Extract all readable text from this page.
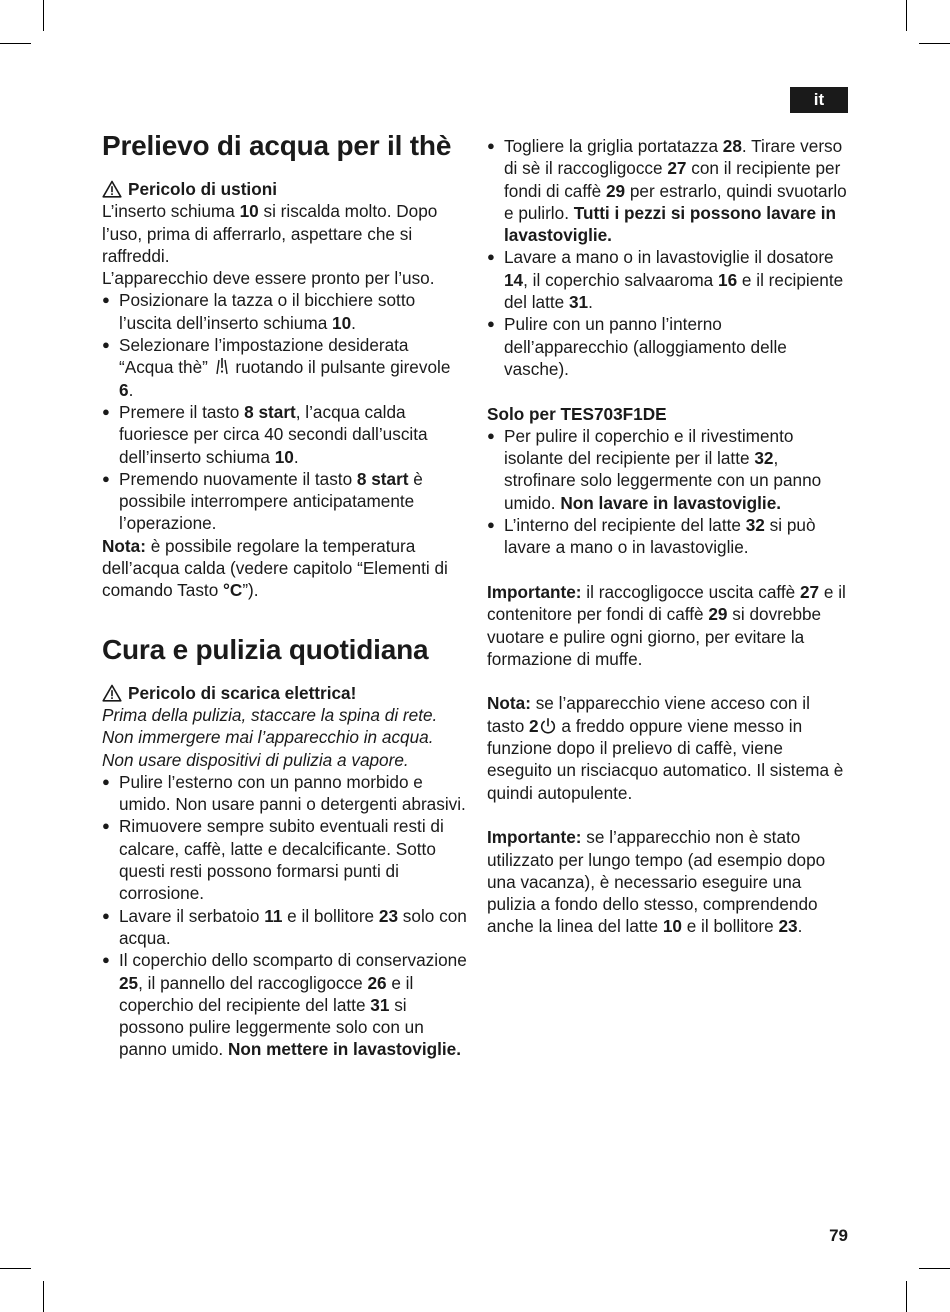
it
Prelievo di acqua per il thè

Pericolo di ustioni

L’inserto schiuma 10 si riscalda molto. Dopo l’uso, prima di afferrarlo, aspettare che si raffreddi.

L’apparecchio deve essere pronto per l’uso.

● Posizionare la tazza o il bicchiere sotto l’uscita dell’inserto schiuma 10.
● Selezionare l’impostazione desiderata “Acqua thè”  ruotando il pulsante girevole 6.
● Premere il tasto 8 start, l’acqua calda fuoriesce per circa 40 secondi dall’uscita dell’inserto schiuma 10.
● Premendo nuovamente il tasto 8 start è possibile interrompere anticipatamente l’operazione.

Nota: è possibile regolare la temperatura dell’acqua calda (vedere capitolo “Elementi di comando Tasto °C”).

Cura e pulizia quotidiana

Pericolo di scarica elettrica!

Prima della pulizia, staccare la spina di rete.

Non immergere mai l’apparecchio in acqua.

Non usare dispositivi di pulizia a vapore.

● Pulire l’esterno con un panno morbido e umido. Non usare panni o detergenti abrasivi.
● Rimuovere sempre subito eventuali resti di calcare, caffè, latte e decalcificante. Sotto questi resti possono formarsi punti di corrosione.
● Lavare il serbatoio 11 e il bollitore 23 solo con acqua.
● Il coperchio dello scomparto di conservazione 25, il pannello del raccogligocce 26 e il coperchio del recipiente del latte 31 si possono pulire leggermente solo con un panno umido. Non mettere in lavastoviglie.
● Togliere la griglia portatazza 28. Tirare verso di sè il raccogligocce 27 con il recipiente per fondi di caffè 29 per estrarlo, quindi svuotarlo e pulirlo. Tutti i pezzi si possono lavare in lavastoviglie.
● Lavare a mano o in lavastoviglie il dosatore 14, il coperchio salvaaroma 16 e il recipiente del latte 31.
● Pulire con un panno l’interno dell’apparecchio (alloggiamento delle vasche).

Solo per TES703F1DE

● Per pulire il coperchio e il rivestimento isolante del recipiente per il latte 32, strofinare solo leggermente con un panno umido. Non lavare in lavastoviglie.
● L’interno del recipiente del latte 32 si può lavare a mano o in lavastoviglie.

Importante: il raccogligocce uscita caffè 27 e il contenitore per fondi di caffè 29 si dovrebbe vuotare e pulire ogni giorno, per evitare la formazione di muffe.

Nota: se l’apparecchio viene acceso con il tasto 2 a freddo oppure viene messo in funzione dopo il prelievo di caffè, viene eseguito un risciacquo automatico. Il sistema è quindi autopulente.

Importante: se l’apparecchio non è stato utilizzato per lungo tempo (ad esempio dopo una vacanza), è necessario eseguire una pulizia a fondo dello stesso, comprendendo anche la linea del latte 10 e il bollitore 23.

79
